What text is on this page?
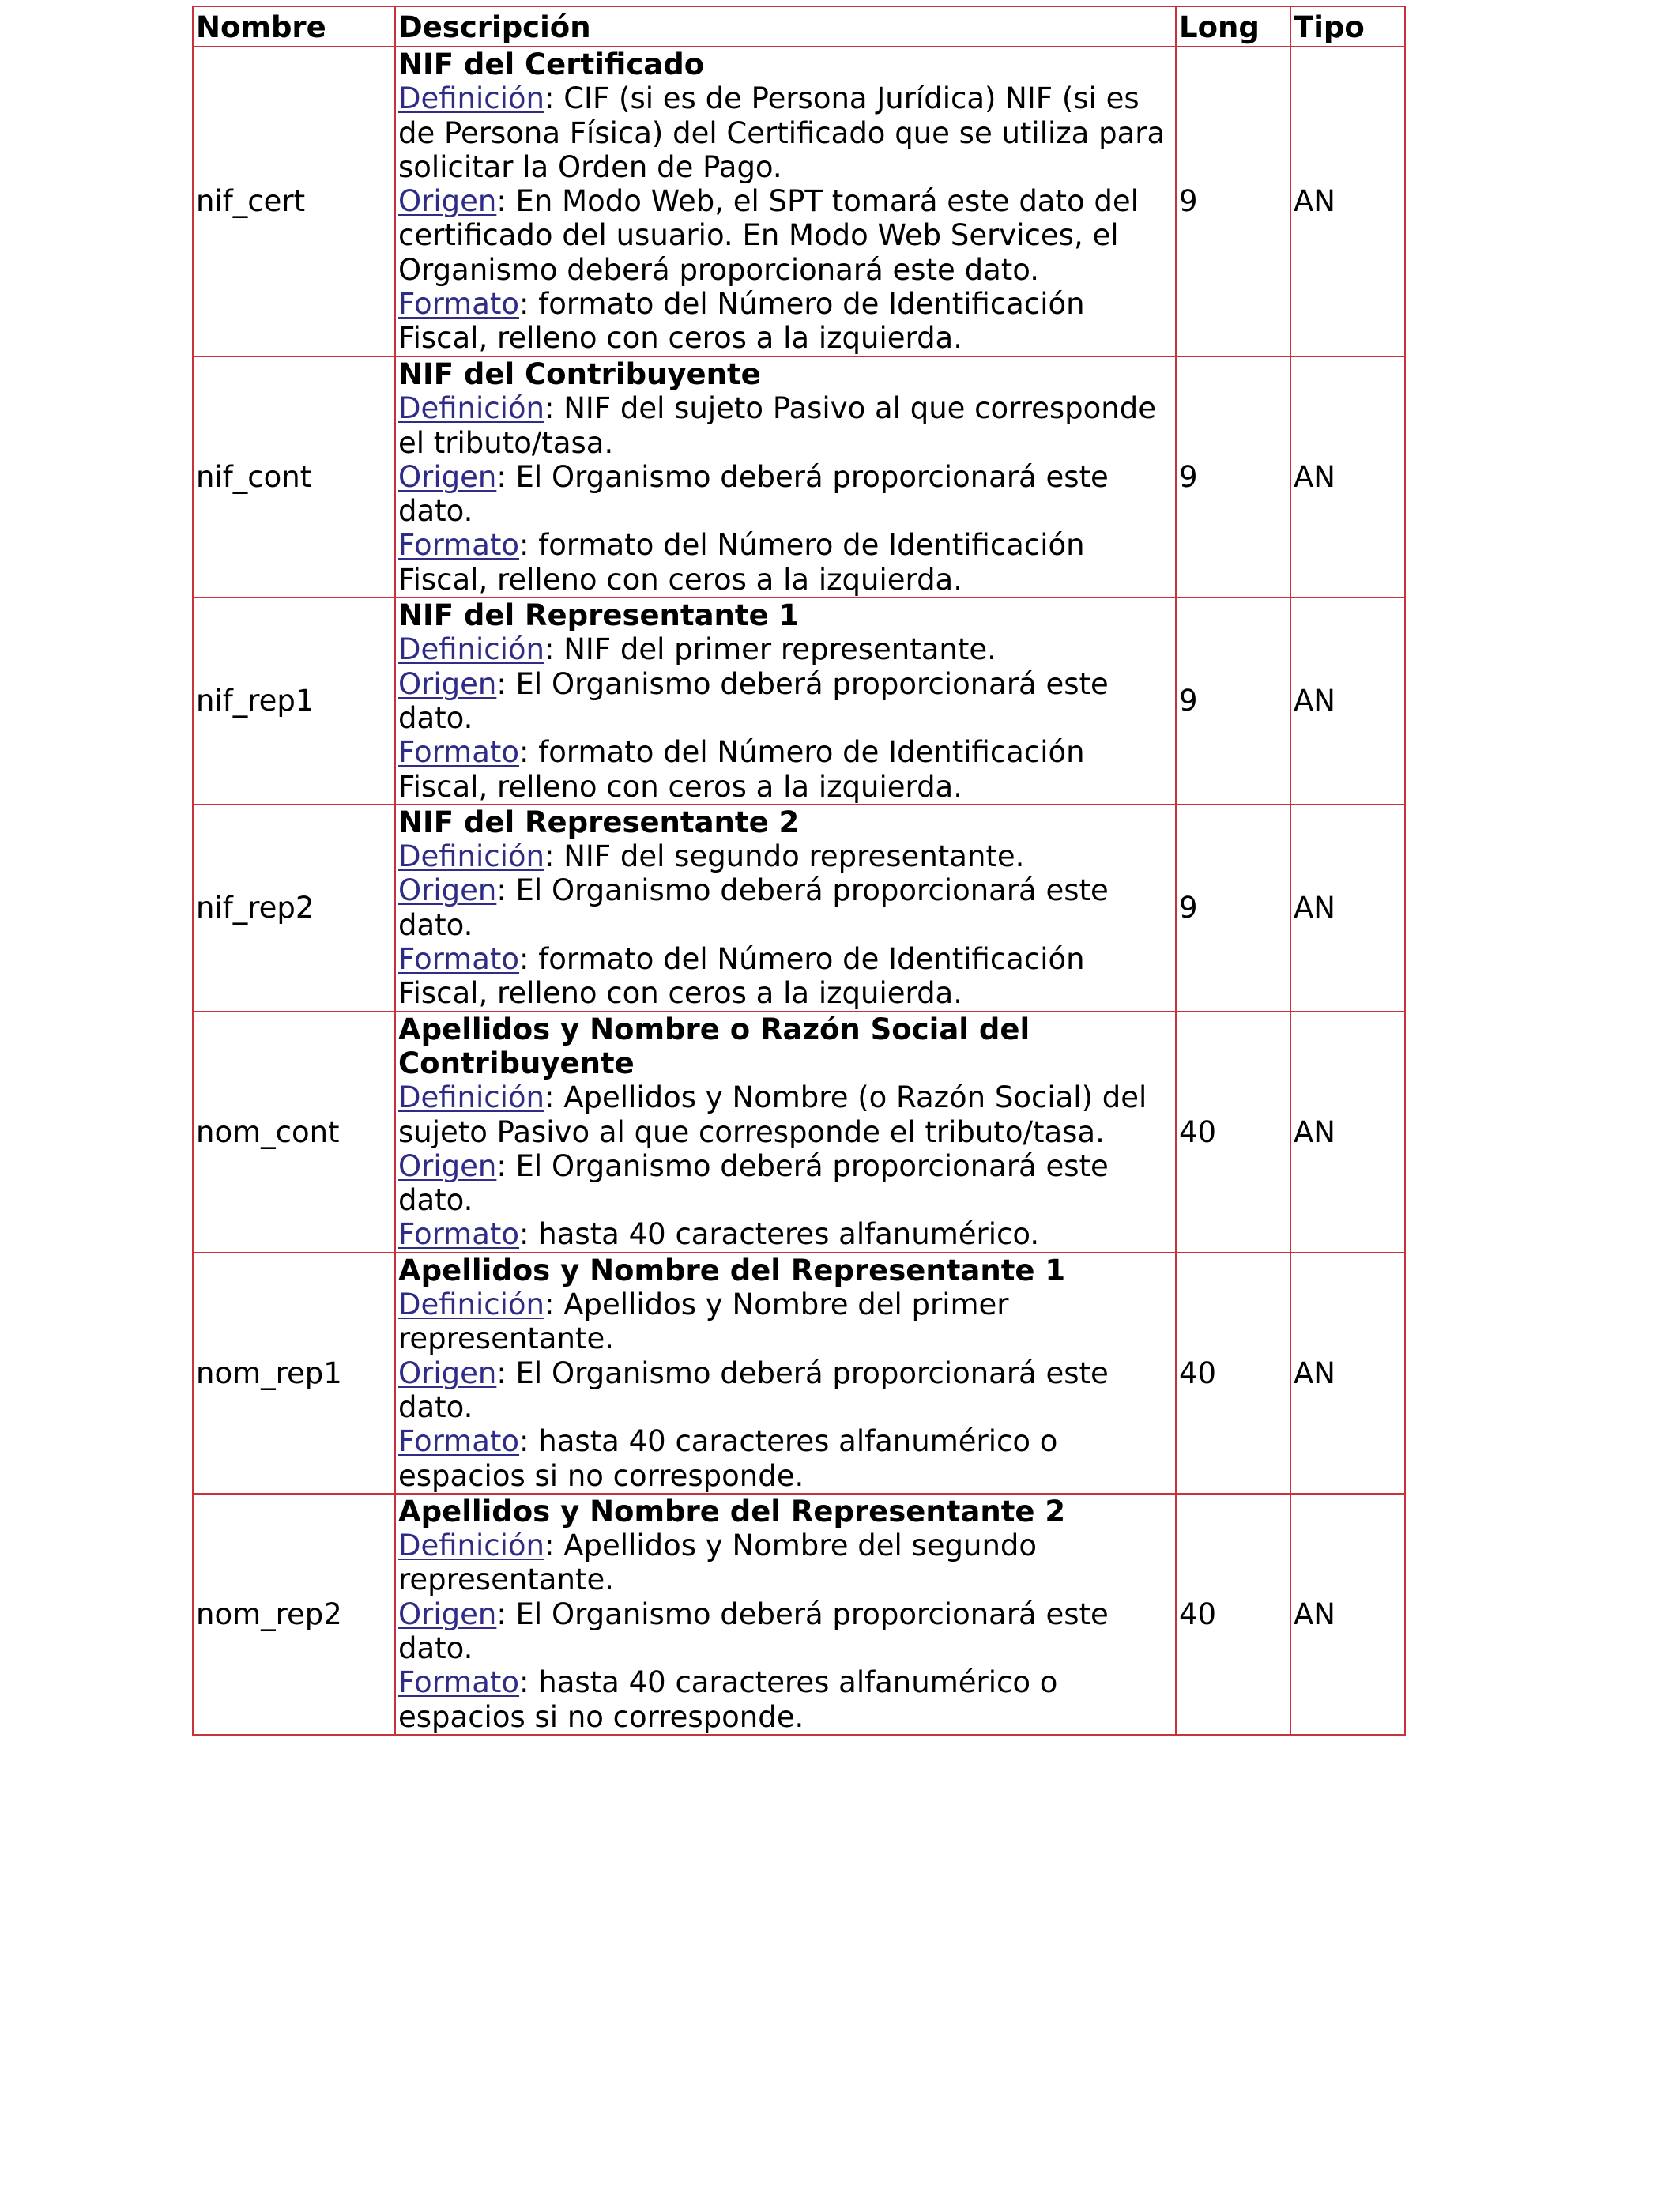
Nombre	Descripción	Long	Tipo
nif_cert	NIF del Certificado
Definición: CIF (si es de Persona Jurídica) NIF (si es de Persona Física) del Certificado que se utiliza para solicitar la Orden de Pago.
Origen: En Modo Web, el SPT tomará este dato del certificado del usuario. En Modo Web Services, el Organismo deberá proporcionará este dato.
Formato: formato del Número de Identificación Fiscal, relleno con ceros a la izquierda.	9	AN
nif_cont	NIF del Contribuyente
Definición: NIF del sujeto Pasivo al que corresponde el tributo/tasa.
Origen: El Organismo deberá proporcionará este dato.
Formato: formato del Número de Identificación Fiscal, relleno con ceros a la izquierda.	9	AN
nif_rep1	NIF del Representante 1
Definición: NIF del primer representante.
Origen: El Organismo deberá proporcionará este dato.
Formato: formato del Número de Identificación Fiscal, relleno con ceros a la izquierda.	9	AN
nif_rep2	NIF del Representante 2
Definición: NIF del segundo representante.
Origen: El Organismo deberá proporcionará este dato.
Formato: formato del Número de Identificación Fiscal, relleno con ceros a la izquierda.	9	AN
nom_cont	Apellidos y Nombre o Razón Social del Contribuyente
Definición: Apellidos y Nombre (o Razón Social) del sujeto Pasivo al que corresponde el tributo/tasa.
Origen: El Organismo deberá proporcionará este dato.
Formato: hasta 40 caracteres alfanumérico.	40	AN
nom_rep1	Apellidos y Nombre del Representante 1
Definición: Apellidos y Nombre del primer representante.
Origen: El Organismo deberá proporcionará este dato.
Formato: hasta 40 caracteres alfanumérico o espacios si no corresponde.	40	AN
nom_rep2	Apellidos y Nombre del Representante 2
Definición: Apellidos y Nombre del segundo representante.
Origen: El Organismo deberá proporcionará este dato.
Formato: hasta 40 caracteres alfanumérico o espacios si no corresponde.	40	AN
